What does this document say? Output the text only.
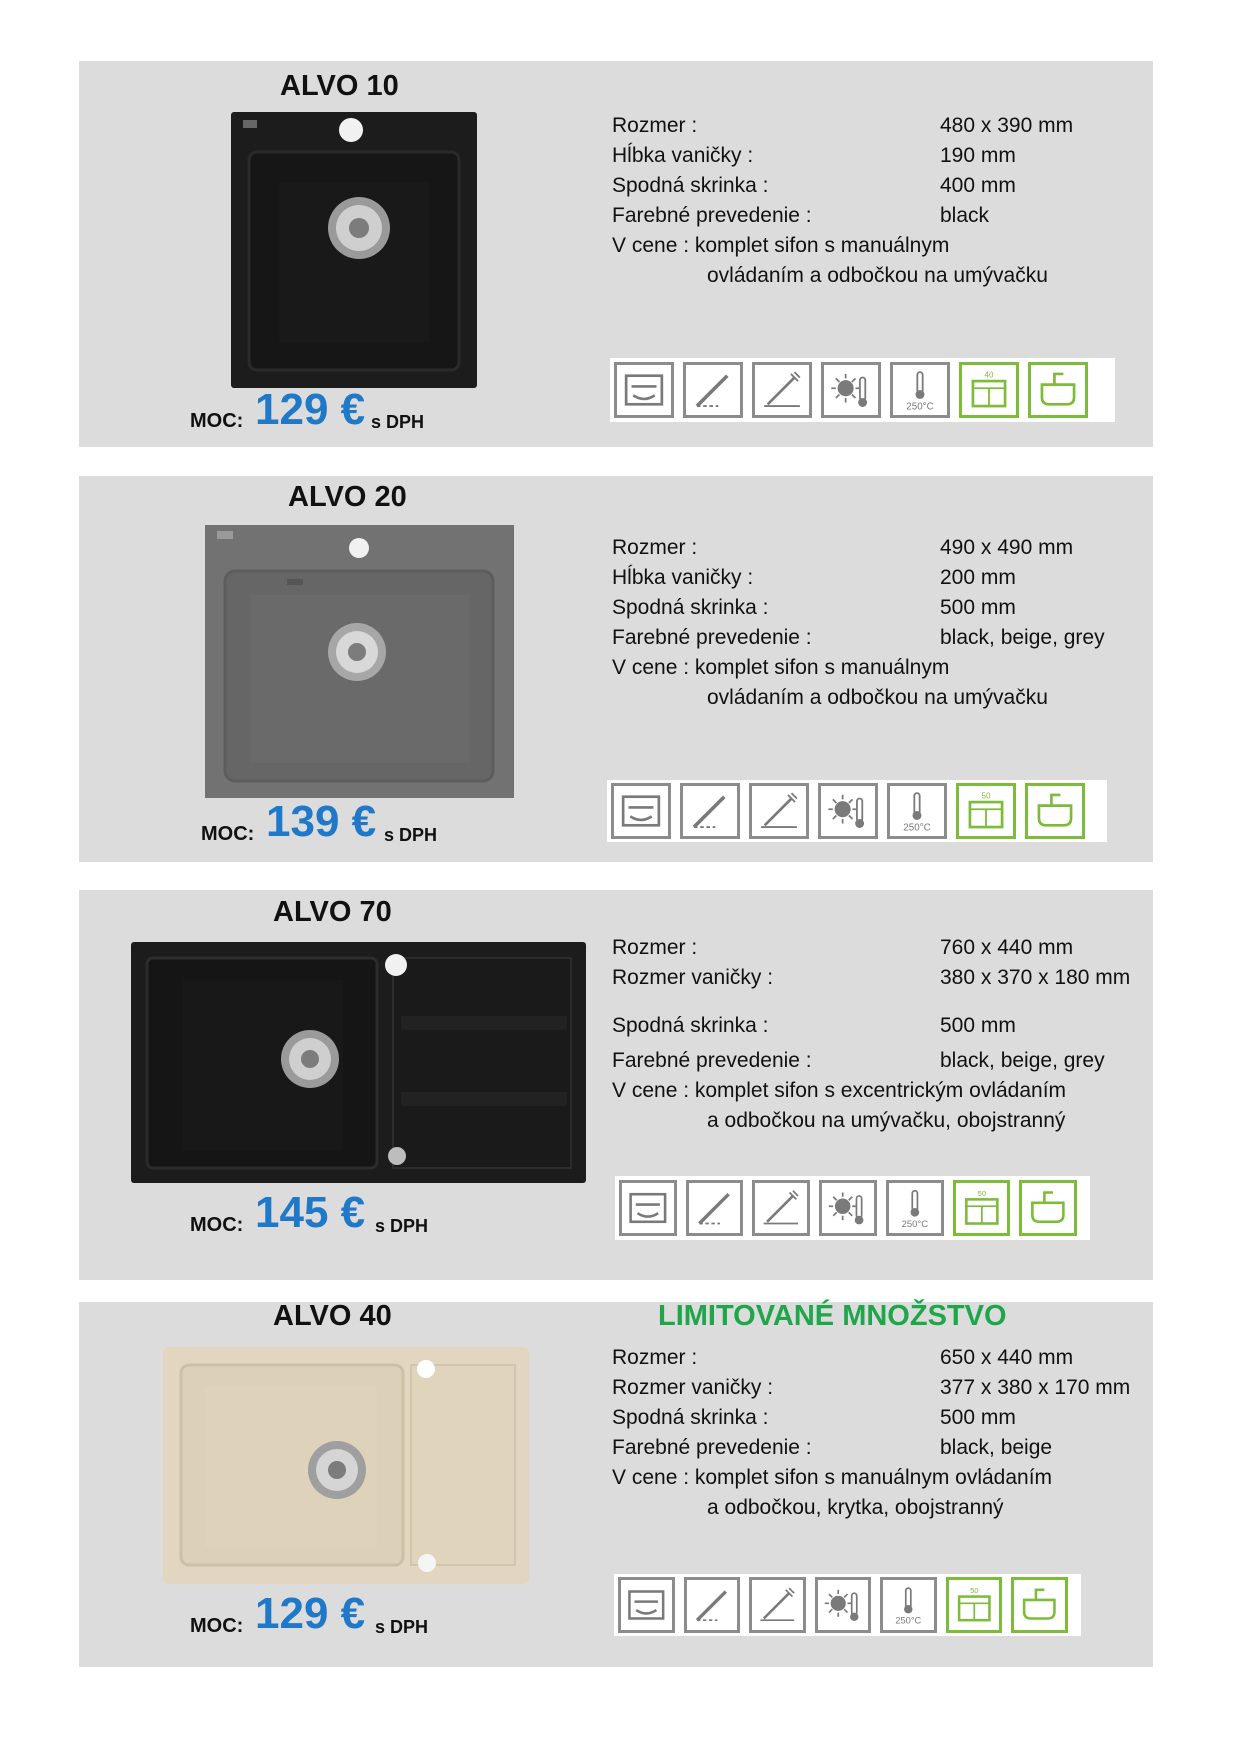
ALVO 10
Rozmer :	480 x 390 mm
Hĺbka vaničky :	190 mm
Spodná skrinka :	400 mm
Farebné prevedenie :	black
V cene : komplet sifon s manuálnym
ovládaním a odbočkou na umývačku
250°C
40
MOC: 129 € s DPH
ALVO 20
Rozmer :	490 x 490 mm
Hĺbka vaničky :	200 mm
Spodná skrinka :	500 mm
Farebné prevedenie :	black, beige, grey
V cene : komplet sifon s manuálnym
ovládaním a odbočkou na umývačku
250°C
50
MOC: 139 € s DPH
ALVO 70
Rozmer :	760 x 440 mm
Rozmer vaničky :	380 x 370 x 180 mm
Spodná skrinka :	500 mm
Farebné prevedenie :	black, beige, grey
V cene : komplet sifon s excentrickým ovládaním
a odbočkou na umývačku, obojstranný
250°C
50
MOC: 145 € s DPH
ALVO 40	LIMITOVANÉ MNOŽSTVO
Rozmer :	650 x 440 mm
Rozmer vaničky :	377 x 380 x 170 mm
Spodná skrinka :	500 mm
Farebné prevedenie :	black, beige
V cene : komplet sifon s manuálnym ovládaním
a odbočkou, krytka, obojstranný
250°C
50
MOC: 129 € s DPH
